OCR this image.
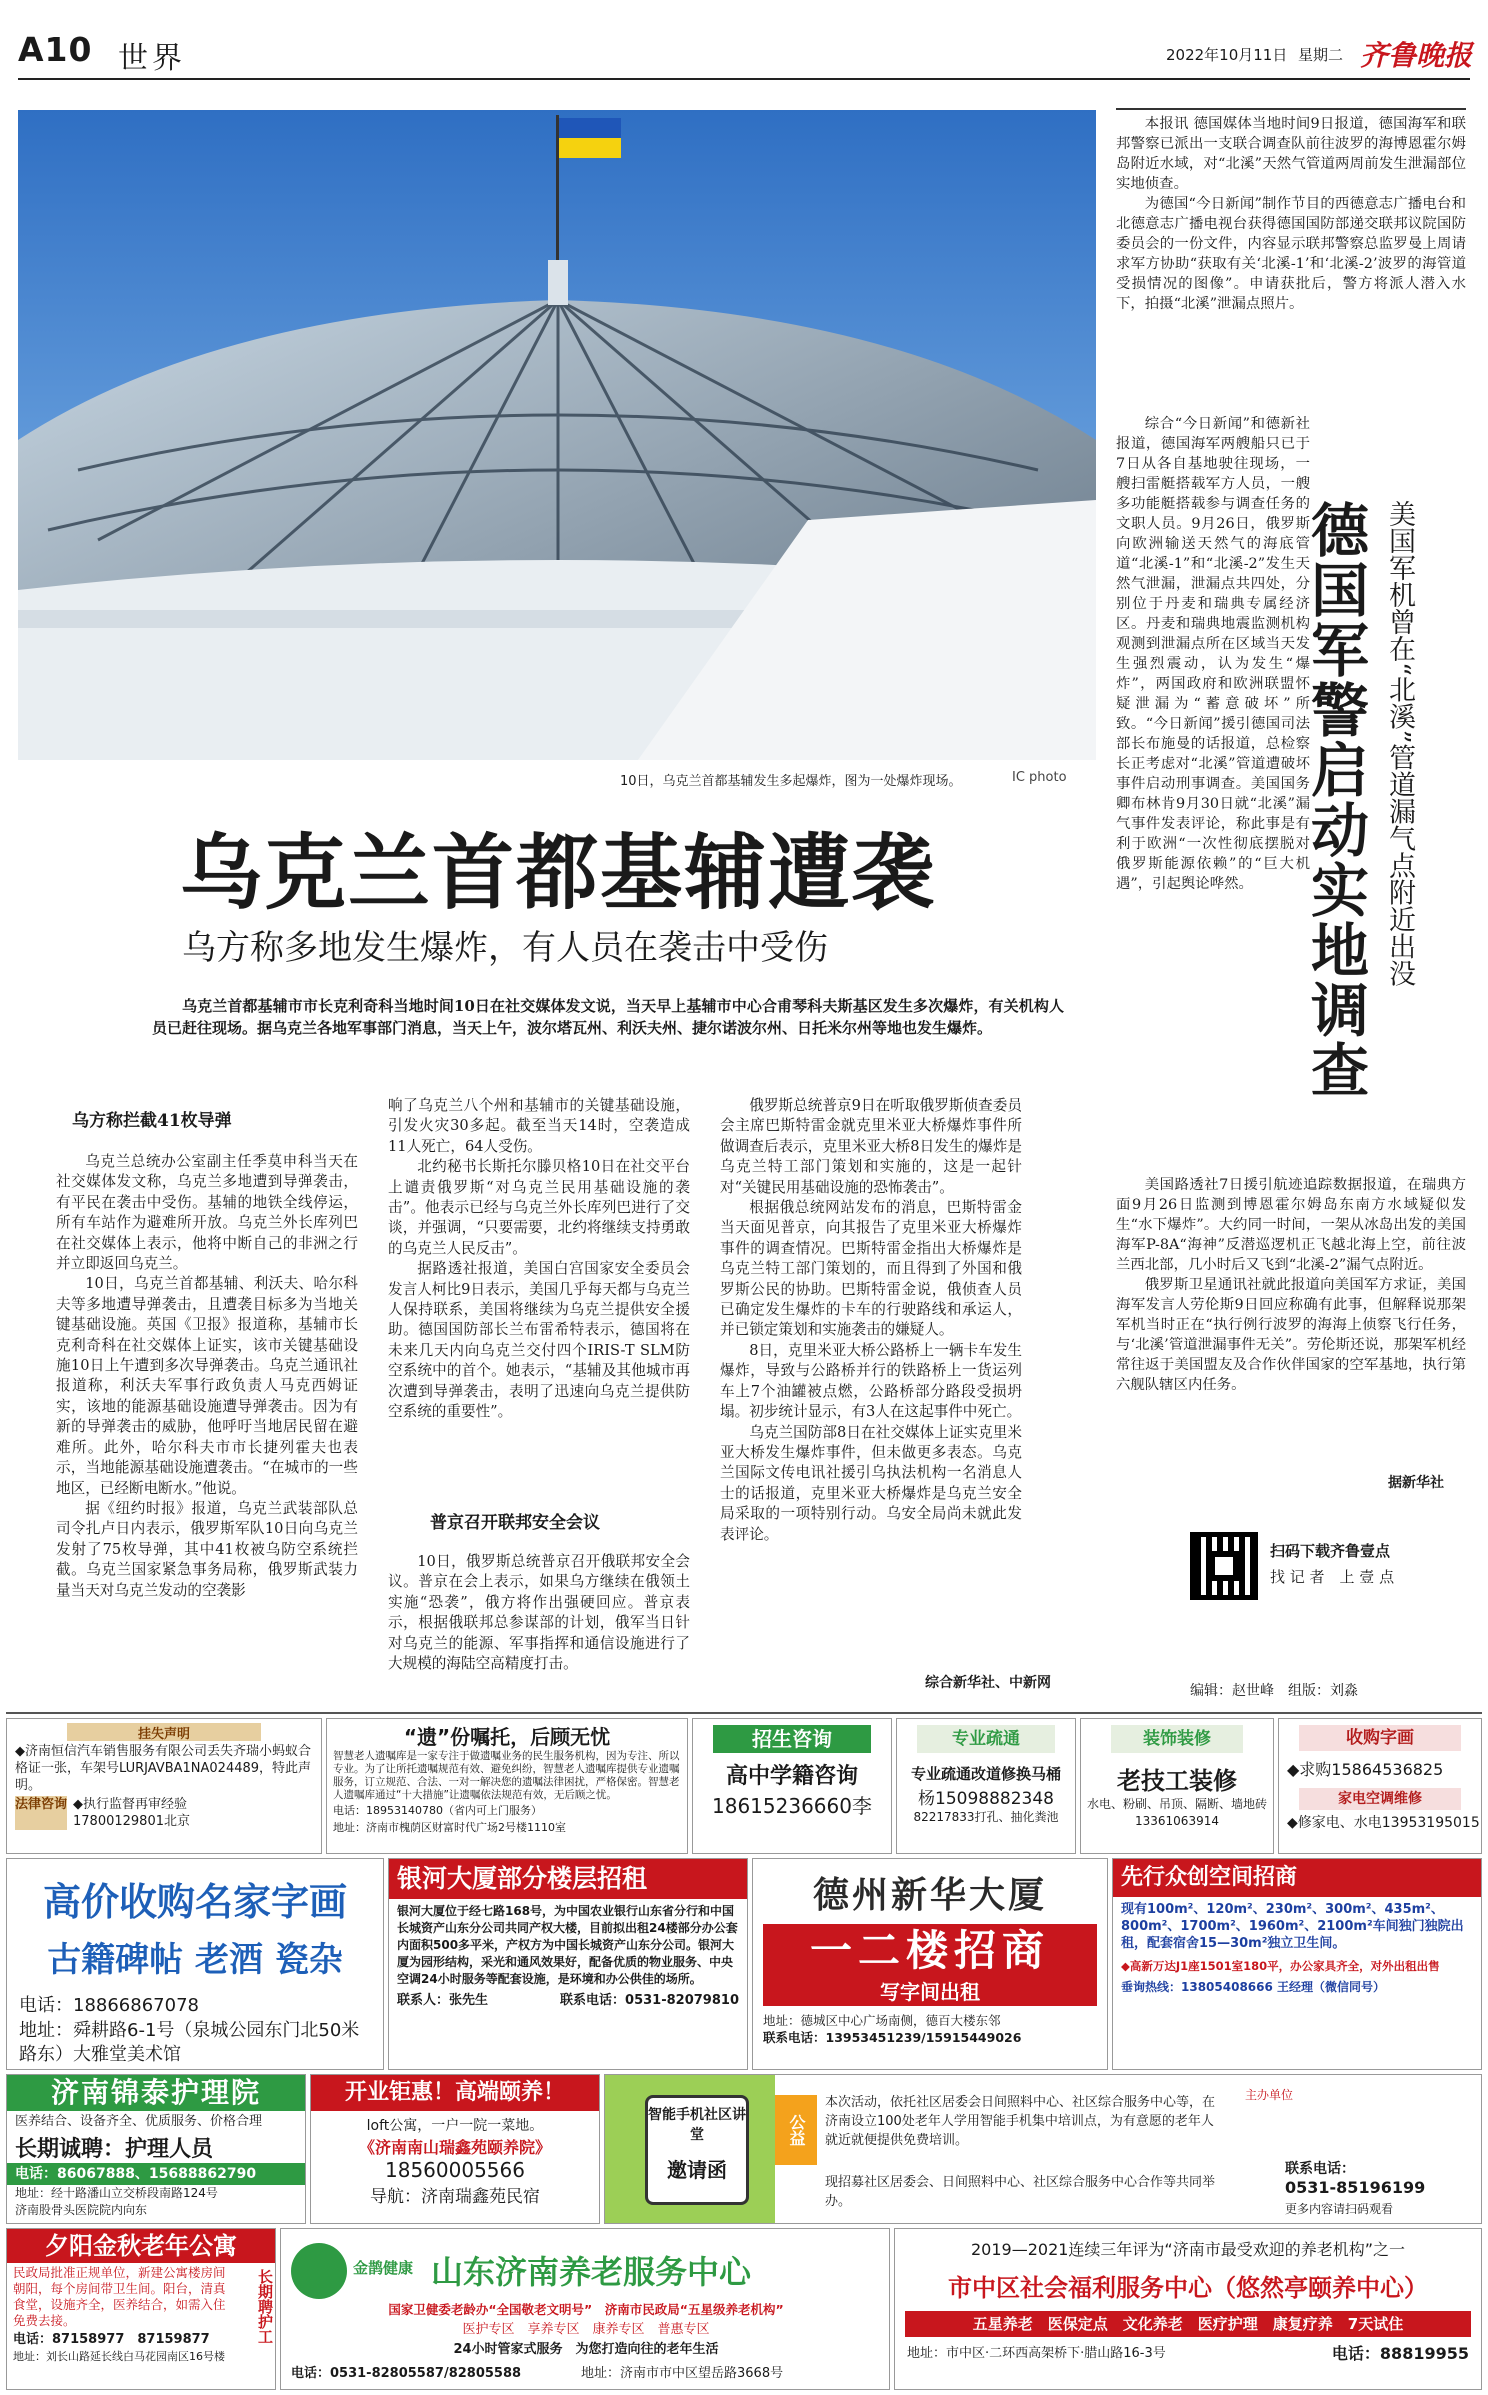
A10 世界	2022年10月11日 星期二 齐鲁晚报
10日，乌克兰首都基辅发生多起爆炸，图为一处爆炸现场。	IC photo
乌克兰首都基辅遭袭
乌方称多地发生爆炸，有人员在袭击中受伤
乌克兰首都基辅市市长克利奇科当地时间10日在社交媒体发文说，当天早上基辅市中心合甫琴科夫斯基区发生多次爆炸，有关机构人员已赶往现场。据乌克兰各地军事部门消息，当天上午，波尔塔瓦州、利沃夫州、捷尔诺波尔州、日托米尔州等地也发生爆炸。
乌方称拦截41枚导弹

乌克兰总统办公室副主任季莫申科当天在社交媒体发文称，乌克兰多地遭到导弹袭击，有平民在袭击中受伤。基辅的地铁全线停运，所有车站作为避难所开放。乌克兰外长库列巴在社交媒体上表示，他将中断自己的非洲之行并立即返回乌克兰。

10日，乌克兰首都基辅、利沃夫、哈尔科夫等多地遭导弹袭击，且遭袭目标多为当地关键基础设施。英国《卫报》报道称，基辅市长克利奇科在社交媒体上证实，该市关键基础设施10日上午遭到多次导弹袭击。乌克兰通讯社报道称，利沃夫军事行政负责人马克西姆证实，该地的能源基础设施遭导弹袭击。因为有新的导弹袭击的威胁，他呼吁当地居民留在避难所。此外，哈尔科夫市市长捷列霍夫也表示，当地能源基础设施遭袭击。“在城市的一些地区，已经断电断水。”他说。

据《纽约时报》报道，乌克兰武装部队总司令扎卢日内表示，俄罗斯军队10日向乌克兰发射了75枚导弹，其中41枚被乌防空系统拦截。乌克兰国家紧急事务局称，俄罗斯武装力量当天对乌克兰发动的空袭影

响了乌克兰八个州和基辅市的关键基础设施，引发火灾30多起。截至当天14时，空袭造成11人死亡，64人受伤。

北约秘书长斯托尔滕贝格10日在社交平台上谴责俄罗斯“对乌克兰民用基础设施的袭击”。他表示已经与乌克兰外长库列巴进行了交谈，并强调，“只要需要，北约将继续支持勇敢的乌克兰人民反击”。

据路透社报道，美国白宫国家安全委员会发言人柯比9日表示，美国几乎每天都与乌克兰人保持联系，美国将继续为乌克兰提供安全援助。德国国防部长兰布雷希特表示，德国将在未来几天内向乌克兰交付四个IRIS-T SLM防空系统中的首个。她表示，“基辅及其他城市再次遭到导弹袭击，表明了迅速向乌克兰提供防空系统的重要性”。

普京召开联邦安全会议

10日，俄罗斯总统普京召开俄联邦安全会议。普京在会上表示，如果乌方继续在俄领土实施“恐袭”，俄方将作出强硬回应。普京表示，根据俄联邦总参谋部的计划，俄军当日针对乌克兰的能源、军事指挥和通信设施进行了大规模的海陆空高精度打击。

俄罗斯总统普京9日在听取俄罗斯侦查委员会主席巴斯特雷金就克里米亚大桥爆炸事件所做调查后表示，克里米亚大桥8日发生的爆炸是乌克兰特工部门策划和实施的，这是一起针对“关键民用基础设施的恐怖袭击”。

根据俄总统网站发布的消息，巴斯特雷金当天面见普京，向其报告了克里米亚大桥爆炸事件的调查情况。巴斯特雷金指出大桥爆炸是乌克兰特工部门策划的，而且得到了外国和俄罗斯公民的协助。巴斯特雷金说，俄侦查人员已确定发生爆炸的卡车的行驶路线和承运人，并已锁定策划和实施袭击的嫌疑人。

8日，克里米亚大桥公路桥上一辆卡车发生爆炸，导致与公路桥并行的铁路桥上一货运列车上7个油罐被点燃，公路桥部分路段受损坍塌。初步统计显示，有3人在这起事件中死亡。

乌克兰国防部8日在社交媒体上证实克里米亚大桥发生爆炸事件，但未做更多表态。乌克兰国际文传电讯社援引乌执法机构一名消息人士的话报道，克里米亚大桥爆炸是乌克兰安全局采取的一项特别行动。乌安全局尚未就此发表评论。

综合新华社、中新网

本报讯 德国媒体当地时间9日报道，德国海军和联邦警察已派出一支联合调查队前往波罗的海博恩霍尔姆岛附近水域，对“北溪”天然气管道两周前发生泄漏部位实地侦查。

为德国“今日新闻”制作节目的西德意志广播电台和北德意志广播电视台获得德国国防部递交联邦议院国防委员会的一份文件，内容显示联邦警察总监罗曼上周请求军方协助“获取有关‘北溪-1’和‘北溪-2’波罗的海管道受损情况的图像”。申请获批后，警方将派人潜入水下，拍摄“北溪”泄漏点照片。

综合“今日新闻”和德新社报道，德国海军两艘船只已于7日从各自基地驶往现场，一艘扫雷艇搭载军方人员，一艘多功能艇搭载参与调查任务的文职人员。9月26日，俄罗斯向欧洲输送天然气的海底管道“北溪-1”和“北溪-2”发生天然气泄漏，泄漏点共四处，分别位于丹麦和瑞典专属经济区。丹麦和瑞典地震监测机构观测到泄漏点所在区域当天发生强烈震动，认为发生“爆炸”，两国政府和欧洲联盟怀疑泄漏为“蓄意破坏”所致。“今日新闻”援引德国司法部长布施曼的话报道，总检察长正考虑对“北溪”管道遭破坏事件启动刑事调查。美国国务卿布林肯9月30日就“北溪”漏气事件发表评论，称此事是有利于欧洲“一次性彻底摆脱对俄罗斯能源依赖”的“巨大机遇”，引起舆论哗然。 德国军警启动实地调查 美国军机曾在“北溪”管道漏气点附近出没

美国路透社7日援引航迹追踪数据报道，在瑞典方面9月26日监测到博恩霍尔姆岛东南方水域疑似发生“水下爆炸”。大约同一时间，一架从冰岛出发的美国海军P-8A“海神”反潜巡逻机正飞越北海上空，前往波兰西北部，几小时后又飞到“北溪-2”漏气点附近。

俄罗斯卫星通讯社就此报道向美国军方求证，美国海军发言人劳伦斯9日回应称确有此事，但解释说那架军机当时正在“执行例行波罗的海海上侦察飞行任务，与‘北溪’管道泄漏事件无关”。劳伦斯还说，那架军机经常往返于美国盟友及合作伙伴国家的空军基地，执行第六舰队辖区内任务。

据新华社
扫码下载齐鲁壹点
找 记 者　上 壹 点
编辑：赵世峰　组版：刘淼
挂失声明
◆济南恒信汽车销售服务有限公司丢失齐瑞小蚂蚁合格证一张，车架号LURJAVBA1NA024489，特此声明。
法律咨询 ◆执行监督再审经验
17800129801北京
“遗”份嘱托，后顾无忧
智慧老人遗嘱库是一家专注于做遗嘱业务的民生服务机构，因为专注、所以专业。为了让所托遗嘱规范有效、避免纠纷，智慧老人遗嘱库提供专业遗嘱服务，订立规范、合法、一对一解决您的遗嘱法律困扰，严格保密。智慧老人遗嘱库通过“十大措施”让遗嘱依法规范有效，无后顾之忧。
电话：18953140780（省内可上门服务）
地址：济南市槐荫区财富时代广场2号楼1110室
招生咨询
高中学籍咨询
18615236660李
专业疏通
专业疏通改道修换马桶
杨15098882348
82217833打孔、抽化粪池
装饰装修
老技工装修
水电、粉刷、吊顶、隔断、墙地砖13361063914
收购字画
◆求购15864536825
家电空调维修
◆修家电、水电13953195015
高价收购名家字画
古籍碑帖 老酒 瓷杂
电话：18866867078
地址：舜耕路6-1号（泉城公园东门北50米路东）大雅堂美术馆
银河大厦部分楼层招租
银河大厦位于经七路168号，为中国农业银行山东省分行和中国长城资产山东分公司共同产权大楼，目前拟出租24楼部分办公套内面积500多平米，产权方为中国长城资产山东分公司。银河大厦为园形结构，采光和通风效果好，配备优质的物业服务、中央空调24小时服务等配套设施，是环境和办公供佳的场所。
联系人：张先生	联系电话：0531-82079810
德州新华大厦
一二楼招商
写字间出租
地址：德城区中心广场南侧，德百大楼东邻
联系电话：13953451239/15915449026
先行众创空间招商
现有100m²、120m²、230m²、300m²、435m²、800m²、1700m²、1960m²、2100m²车间独门独院出租，配套宿舍15—30m²独立卫生间。
◆高新万达J1座1501室180平，办公家具齐全，对外出租出售
垂询热线：13805408666 王经理（微信同号）
济南锦泰护理院
医养结合、设备齐全、优质服务、价格合理
长期诚聘：护理人员
电话：86067888、15688862790
地址：经十路潘山立交桥段南路124号
济南股骨头医院院内向东
开业钜惠！高端颐养！
loft公寓，一户一院一菜地。
《济南南山瑞鑫苑颐养院》
18560005566
导航：济南瑞鑫苑民宿
智能手机社区讲堂
邀请函
公益
本次活动，依托社区居委会日间照料中心、社区综合服务中心等，在济南设立100处老年人学用智能手机集中培训点，为有意愿的老年人就近就便提供免费培训。
现招募社区居委会、日间照料中心、社区综合服务中心合作等共同举办。
主办单位
联系电话：
0531-85196199
更多内容请扫码观看
夕阳金秋老年公寓
民政局批准正规单位，新建公寓楼房间朝阳，每个房间带卫生间。阳台，清真食堂，设施齐全，医养结合，如需入住免费去接。	长期聘护工
电话：87158977　87159877
地址：刘长山路延长线白马花园南区16号楼
金鹊健康 山东济南养老服务中心
国家卫健委老龄办“全国敬老文明号”　济南市民政局“五星级养老机构”
医护专区　享养专区　康养专区　普惠专区
24小时管家式服务　为您打造向往的老年生活
电话：0531-82805587/82805588	地址：济南市市中区望岳路3668号
2019—2021连续三年评为“济南市最受欢迎的养老机构”之一
市中区社会福利服务中心（悠然亭颐养中心）
五星养老　医保定点　文化养老　医疗护理　康复疗养　7天试住
地址：市中区·二环西高架桥下·腊山路16-3号	电话：88819955
